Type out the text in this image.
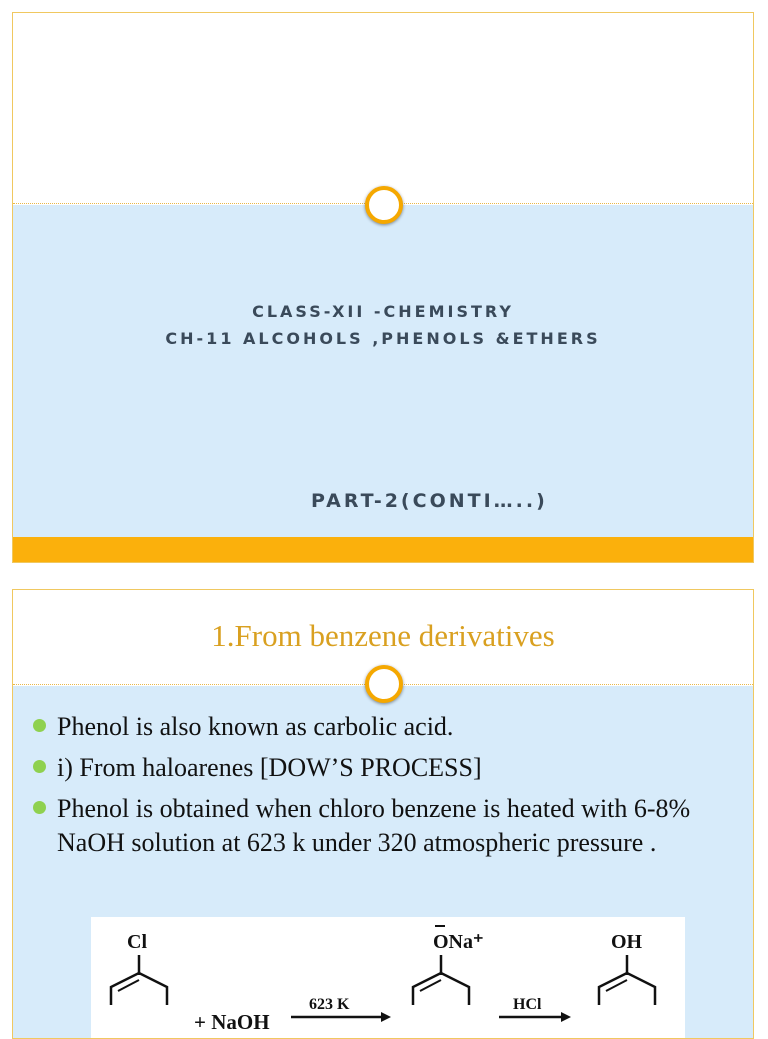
CLASS-XII -CHEMISTRY
CH-11 ALCOHOLS ,PHENOLS &ETHERS
PART-2(CONTI…..)
1.From benzene derivatives
Phenol is also known as carbolic acid.
i) From haloarenes [DOW’S PROCESS]
Phenol is obtained when chloro benzene is heated with 6-8% NaOH solution at 623 k under 320 atmospheric pressure .
Cl
+ NaOH
623 K
ONa⁺
HCl
OH
